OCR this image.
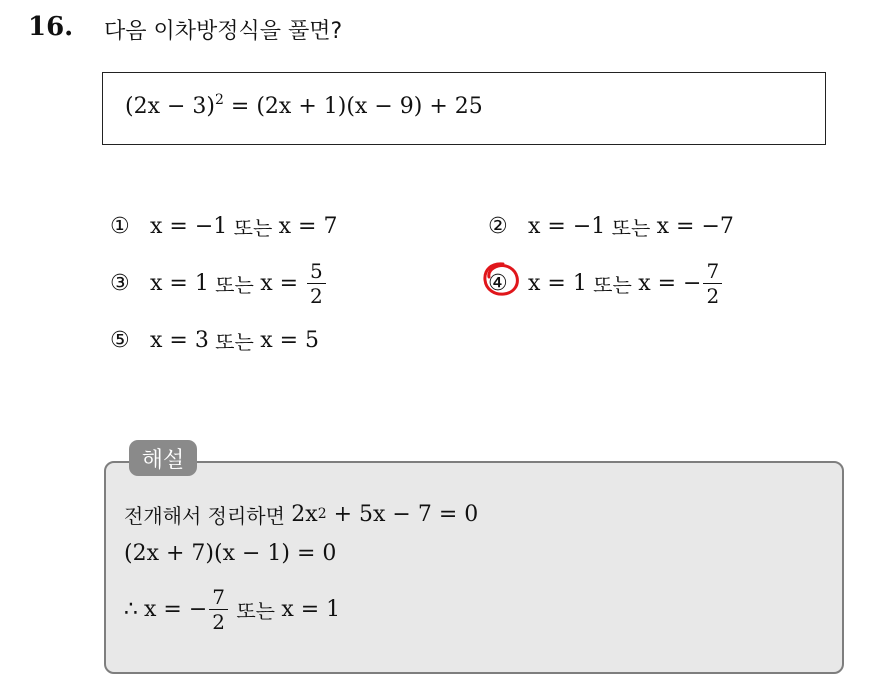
16. 다음 이차방정식을 풀면?
$(2x - 3)^2 = (2x + 1)(x - 9) + 25$
① x = −1 또는 x = 7	② x = −1 또는 x = −7
③ x = 1 또는 $x = \frac{5}{2}$	④ x = 1 또는 x = − $\frac{7}{2}$
⑤ x = 3 또는 x = 5
해설
전개해서 정리하면 2x 2 + 5x − 7 = 0
(2x + 7)(x − 1) = 0
∴ x = − $\frac{7}{2}$ 또는 x = 1
